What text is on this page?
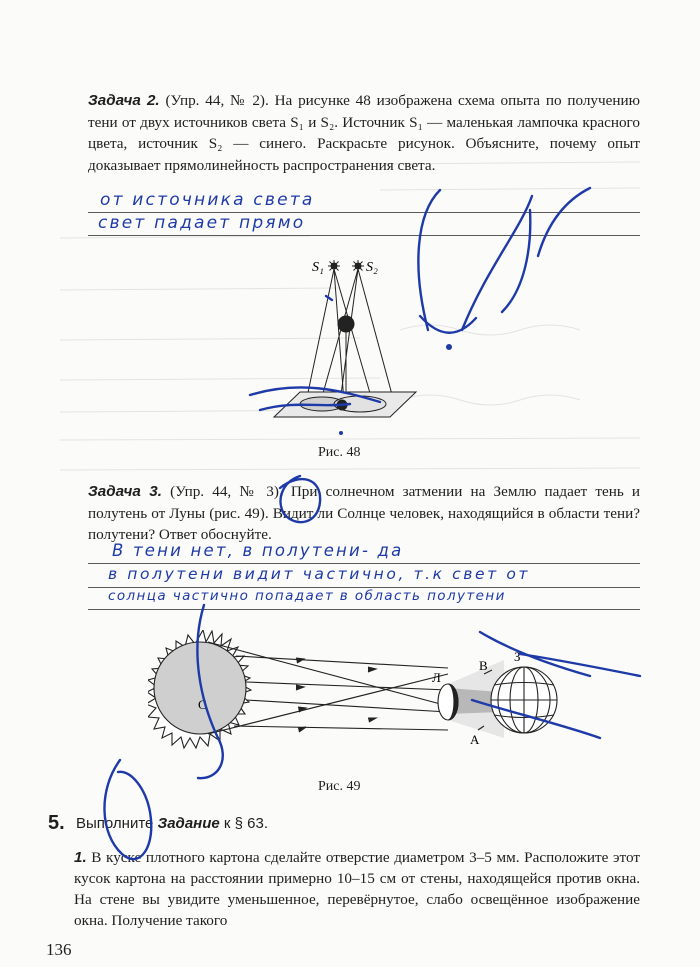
Задача 2. (Упр. 44, № 2). На рисунке 48 изображена схема опыта по получению тени от двух источников света S₁ и S₂. Источник S₁ — маленькая лампочка красного цвета, источник S₂ — синего. Раскрасьте рисунок. Объясните, почему опыт доказывает прямолинейность распространения света.
от источника света
свет падает прямо
S₁	S₂
Рис. 48
Задача 3. (Упр. 44, № 3). При солнечном затмении на Землю падает тень и полутень от Луны (рис. 49). Видит ли Солнце человек, находящийся в области тени? полутени? Ответ обоснуйте.
В тени нет, в полутени- да
в полутени видит частично, т.к свет от
солнца частично попадает в область полутени
С
Л
В
З
А
Рис. 49
5. Выполните Задание к § 63.
1. В куске плотного картона сделайте отверстие диаметром 3–5 мм. Расположите этот кусок картона на расстоянии примерно 10–15 см от стены, находящейся против окна. На стене вы увидите уменьшенное, перевёрнутое, слабо освещённое изображение окна. Получение такого
136
